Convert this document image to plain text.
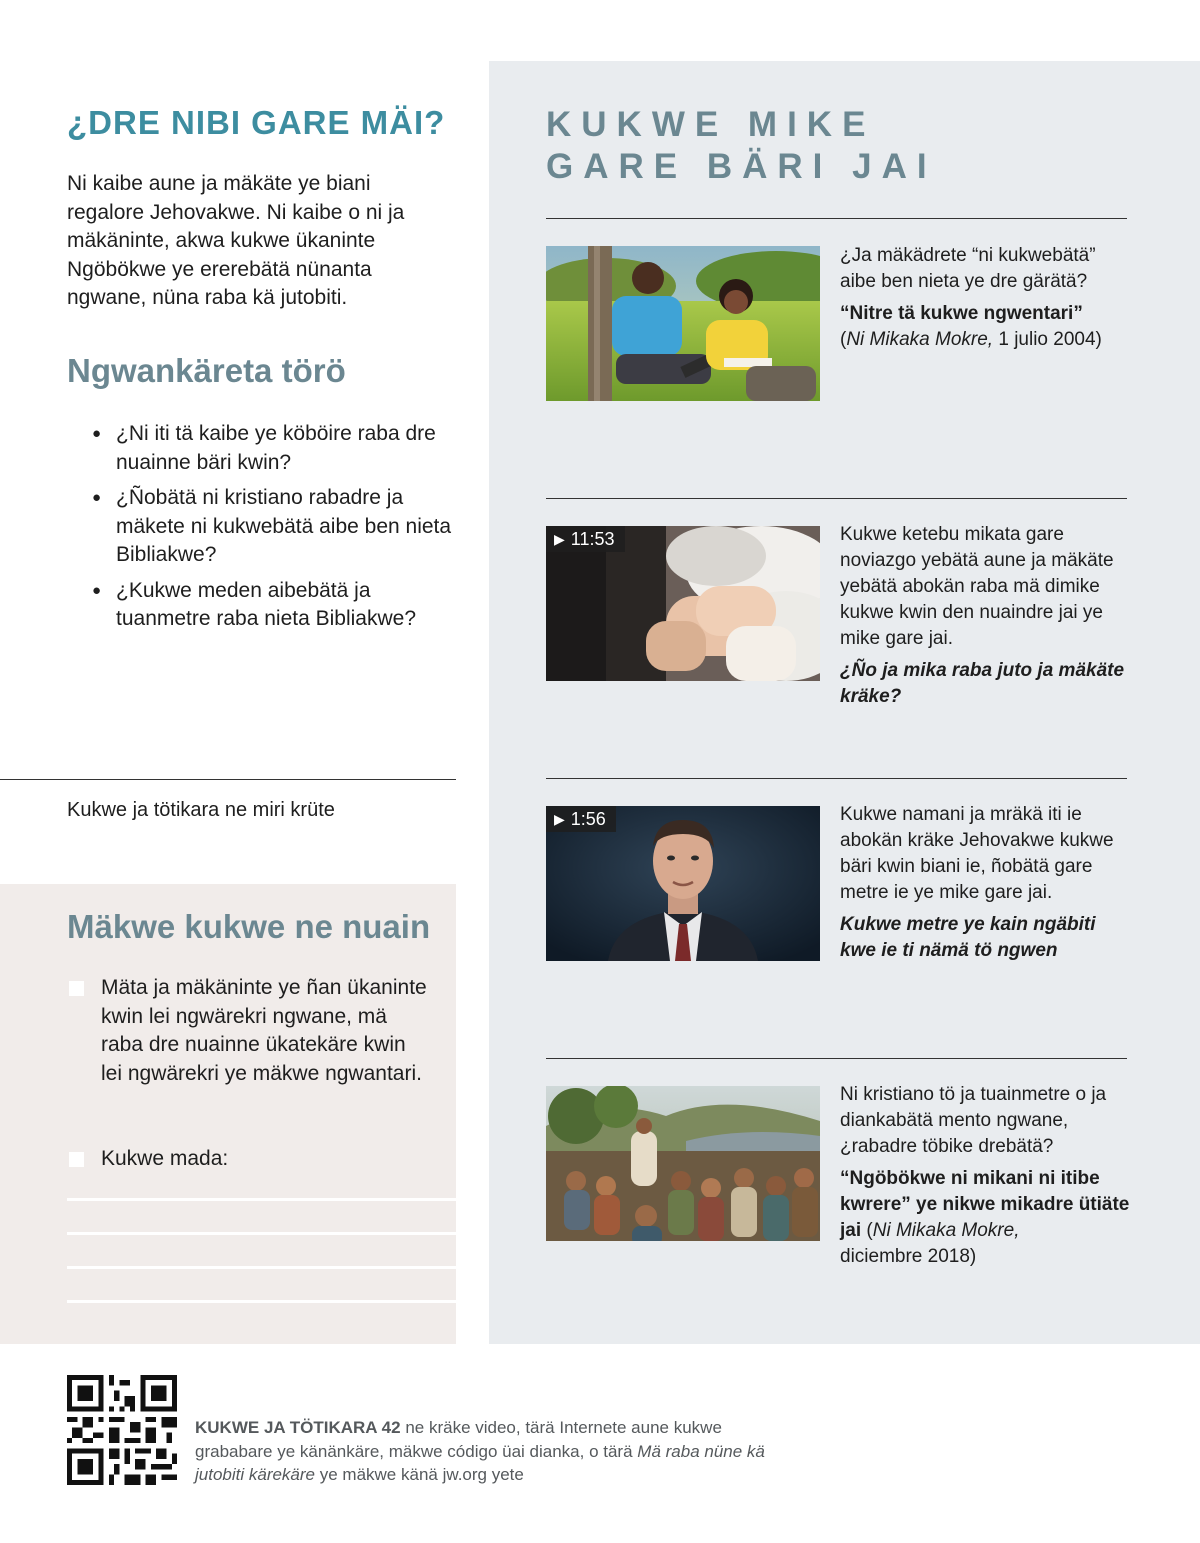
KUKWE MIKE
GARE BÄRI JAI
▶ 11:53
▶ 1:56

¿Ja mäkädrete “ni kukwebätä” aibe ben nieta ye dre gärätä?

“Nitre tä kukwe ngwentari”
(Ni Mikaka Mokre, 1 julio 2004)

Kukwe ketebu mikata gare noviazgo yebätä aune ja mäkäte yebätä abokän raba mä dimike kukwe kwin den nuaindre jai ye mike gare jai.

¿Ño ja mika raba juto ja mäkäte kräke?

Kukwe namani ja mräkä iti ie abokän kräke Jehovakwe kukwe bäri kwin biani ie, ñobätä gare metre ie ye mike gare jai.

Kukwe metre ye kain ngäbiti kwe ie ti nämä tö ngwen

Ni kristiano tö ja tuainmetre o ja diankabätä mento ngwane, ¿rabadre töbike drebätä?

“Ngöbökwe ni mikani ni itibe kwrere” ye nikwe mikadre ütiäte jai (Ni Mikaka Mokre,
diciembre 2018)

¿DRE NIBI GARE MÄI?

Ni kaibe aune ja mäkäte ye biani regalore Jehovakwe. Ni kaibe o ni ja mäkäninte, akwa kukwe ükaninte Ngöbökwe ye ererebätä nünanta ngwane, nüna raba kä jutobiti.

Ngwankäreta törö
● ¿Ni iti tä kaibe ye köböire raba dre nuainne bäri kwin?
● ¿Ñobätä ni kristiano rabadre ja mäkete ni kukwebätä aibe ben nieta Bibliakwe?
● ¿Kukwe meden aibebätä ja tuanmetre raba nieta Bibliakwe?

Kukwe ja tötikara ne miri krüte

Mäkwe kukwe ne nuain

Mäta ja mäkäninte ye ñan ükaninte kwin lei ngwärekri ngwane, mä raba dre nuainne ükatekäre kwin lei ngwärekri ye mäkwe ngwantari.

Kukwe mada:

KUKWE JA TÖTIKARA 42 ne kräke video, tärä Internete aune kukwe grababare ye känänkäre, mäkwe código üai dianka, o tärä Mä raba nüne kä jutobiti kärekäre ye mäkwe känä jw.org yete
